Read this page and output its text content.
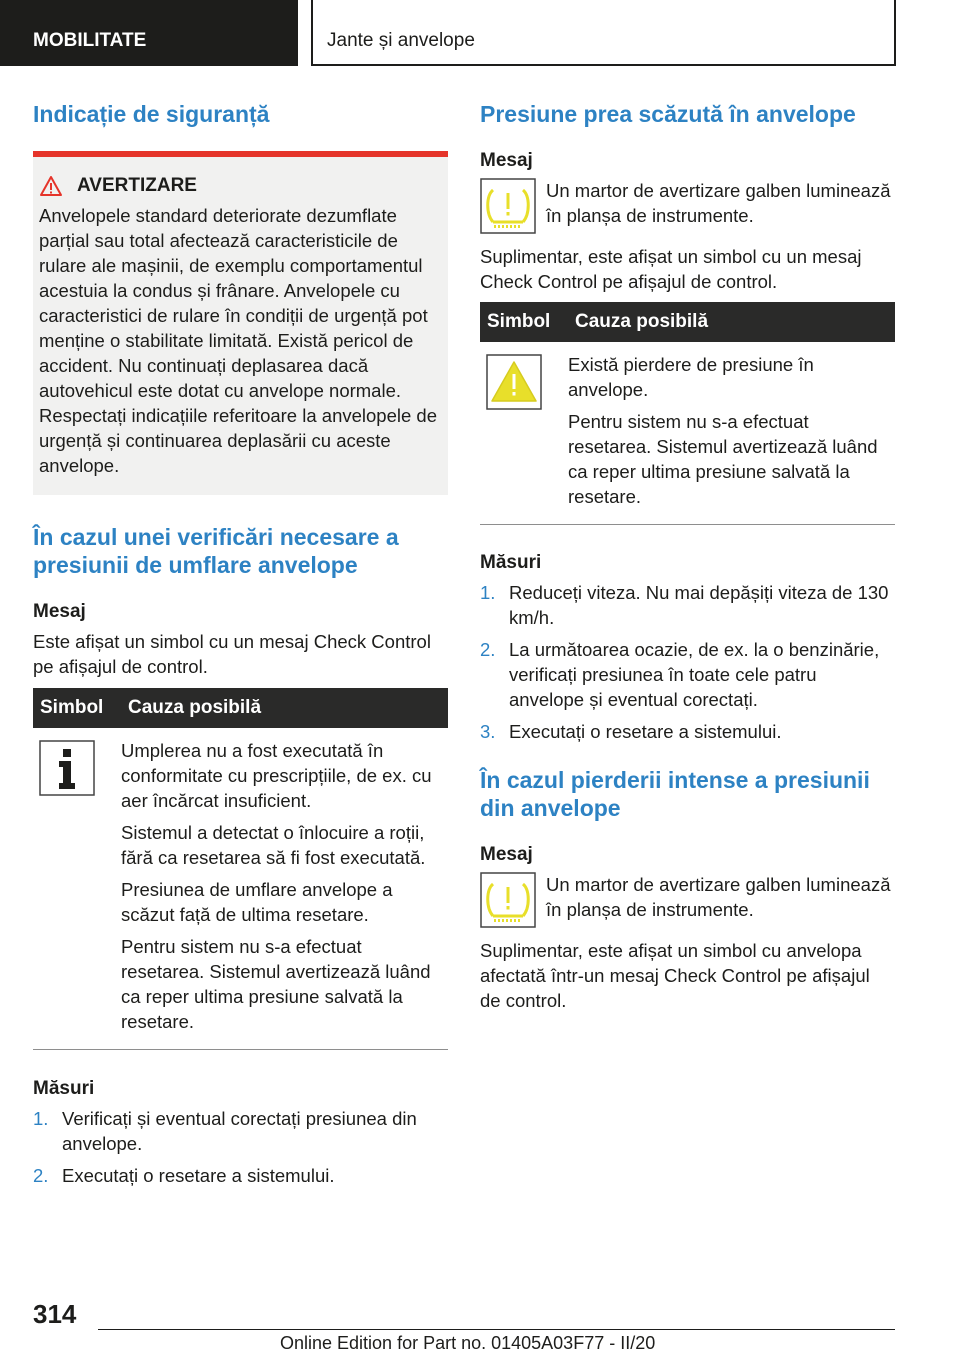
MOBILITATE	Jante și anvelope
Indicație de siguranță
AVERTIZARE

Anvelopele standard deteriorate dezumflate parțial sau total afectează caracteristicile de rulare ale mașinii, de exemplu comportamentul acestuia la condus și frânare. Anvelopele cu caracteristici de rulare în condiții de urgență pot menține o stabilitate limitată. Există pericol de accident. Nu continuați deplasarea dacă autovehicul este dotat cu anvelope normale. Respectați indicațiile referitoare la anvelopele de urgență și continuarea deplasării cu aceste anvelope.

În cazul unei verificări necesare a presiunii de umflare anvelope
Mesaj

Este afișat un simbol cu un mesaj Check Control pe afișajul de control.

Simbol	Cauza posibilă

Umplerea nu a fost executată în conformitate cu prescripțiile, de ex. cu aer încărcat insuficient.

Sistemul a detectat o înlocuire a roții, fără ca resetarea să fi fost executată.

Presiunea de umflare anvelope a scăzut față de ultima resetare.

Pentru sistem nu s-a efectuat resetarea. Sistemul avertizează luând ca reper ultima presiune salvată la resetare.

Măsuri
1. Verificați și eventual corectați presiunea din anvelope.
2. Executați o resetare a sistemului.
Presiune prea scăzută în anvelope
Mesaj

Un martor de avertizare galben luminează în planșa de instrumente.

Suplimentar, este afișat un simbol cu un mesaj Check Control pe afișajul de control.

Simbol	Cauza posibilă

Există pierdere de presiune în anvelope.

Pentru sistem nu s-a efectuat resetarea. Sistemul avertizează luând ca reper ultima presiune salvată la resetare.

Măsuri
1. Reduceți viteza. Nu mai depășiți viteza de 130 km/h.
2. La următoarea ocazie, de ex. la o benzinărie, verificați presiunea în toate cele patru anvelope și eventual corectați.
3. Executați o resetare a sistemului.
În cazul pierderii intense a presiunii din anvelope
Mesaj

Un martor de avertizare galben luminează în planșa de instrumente.

Suplimentar, este afișat un simbol cu anvelopa afectată într-un mesaj Check Control pe afișajul de control.

314
Online Edition for Part no. 01405A03F77 - II/20
